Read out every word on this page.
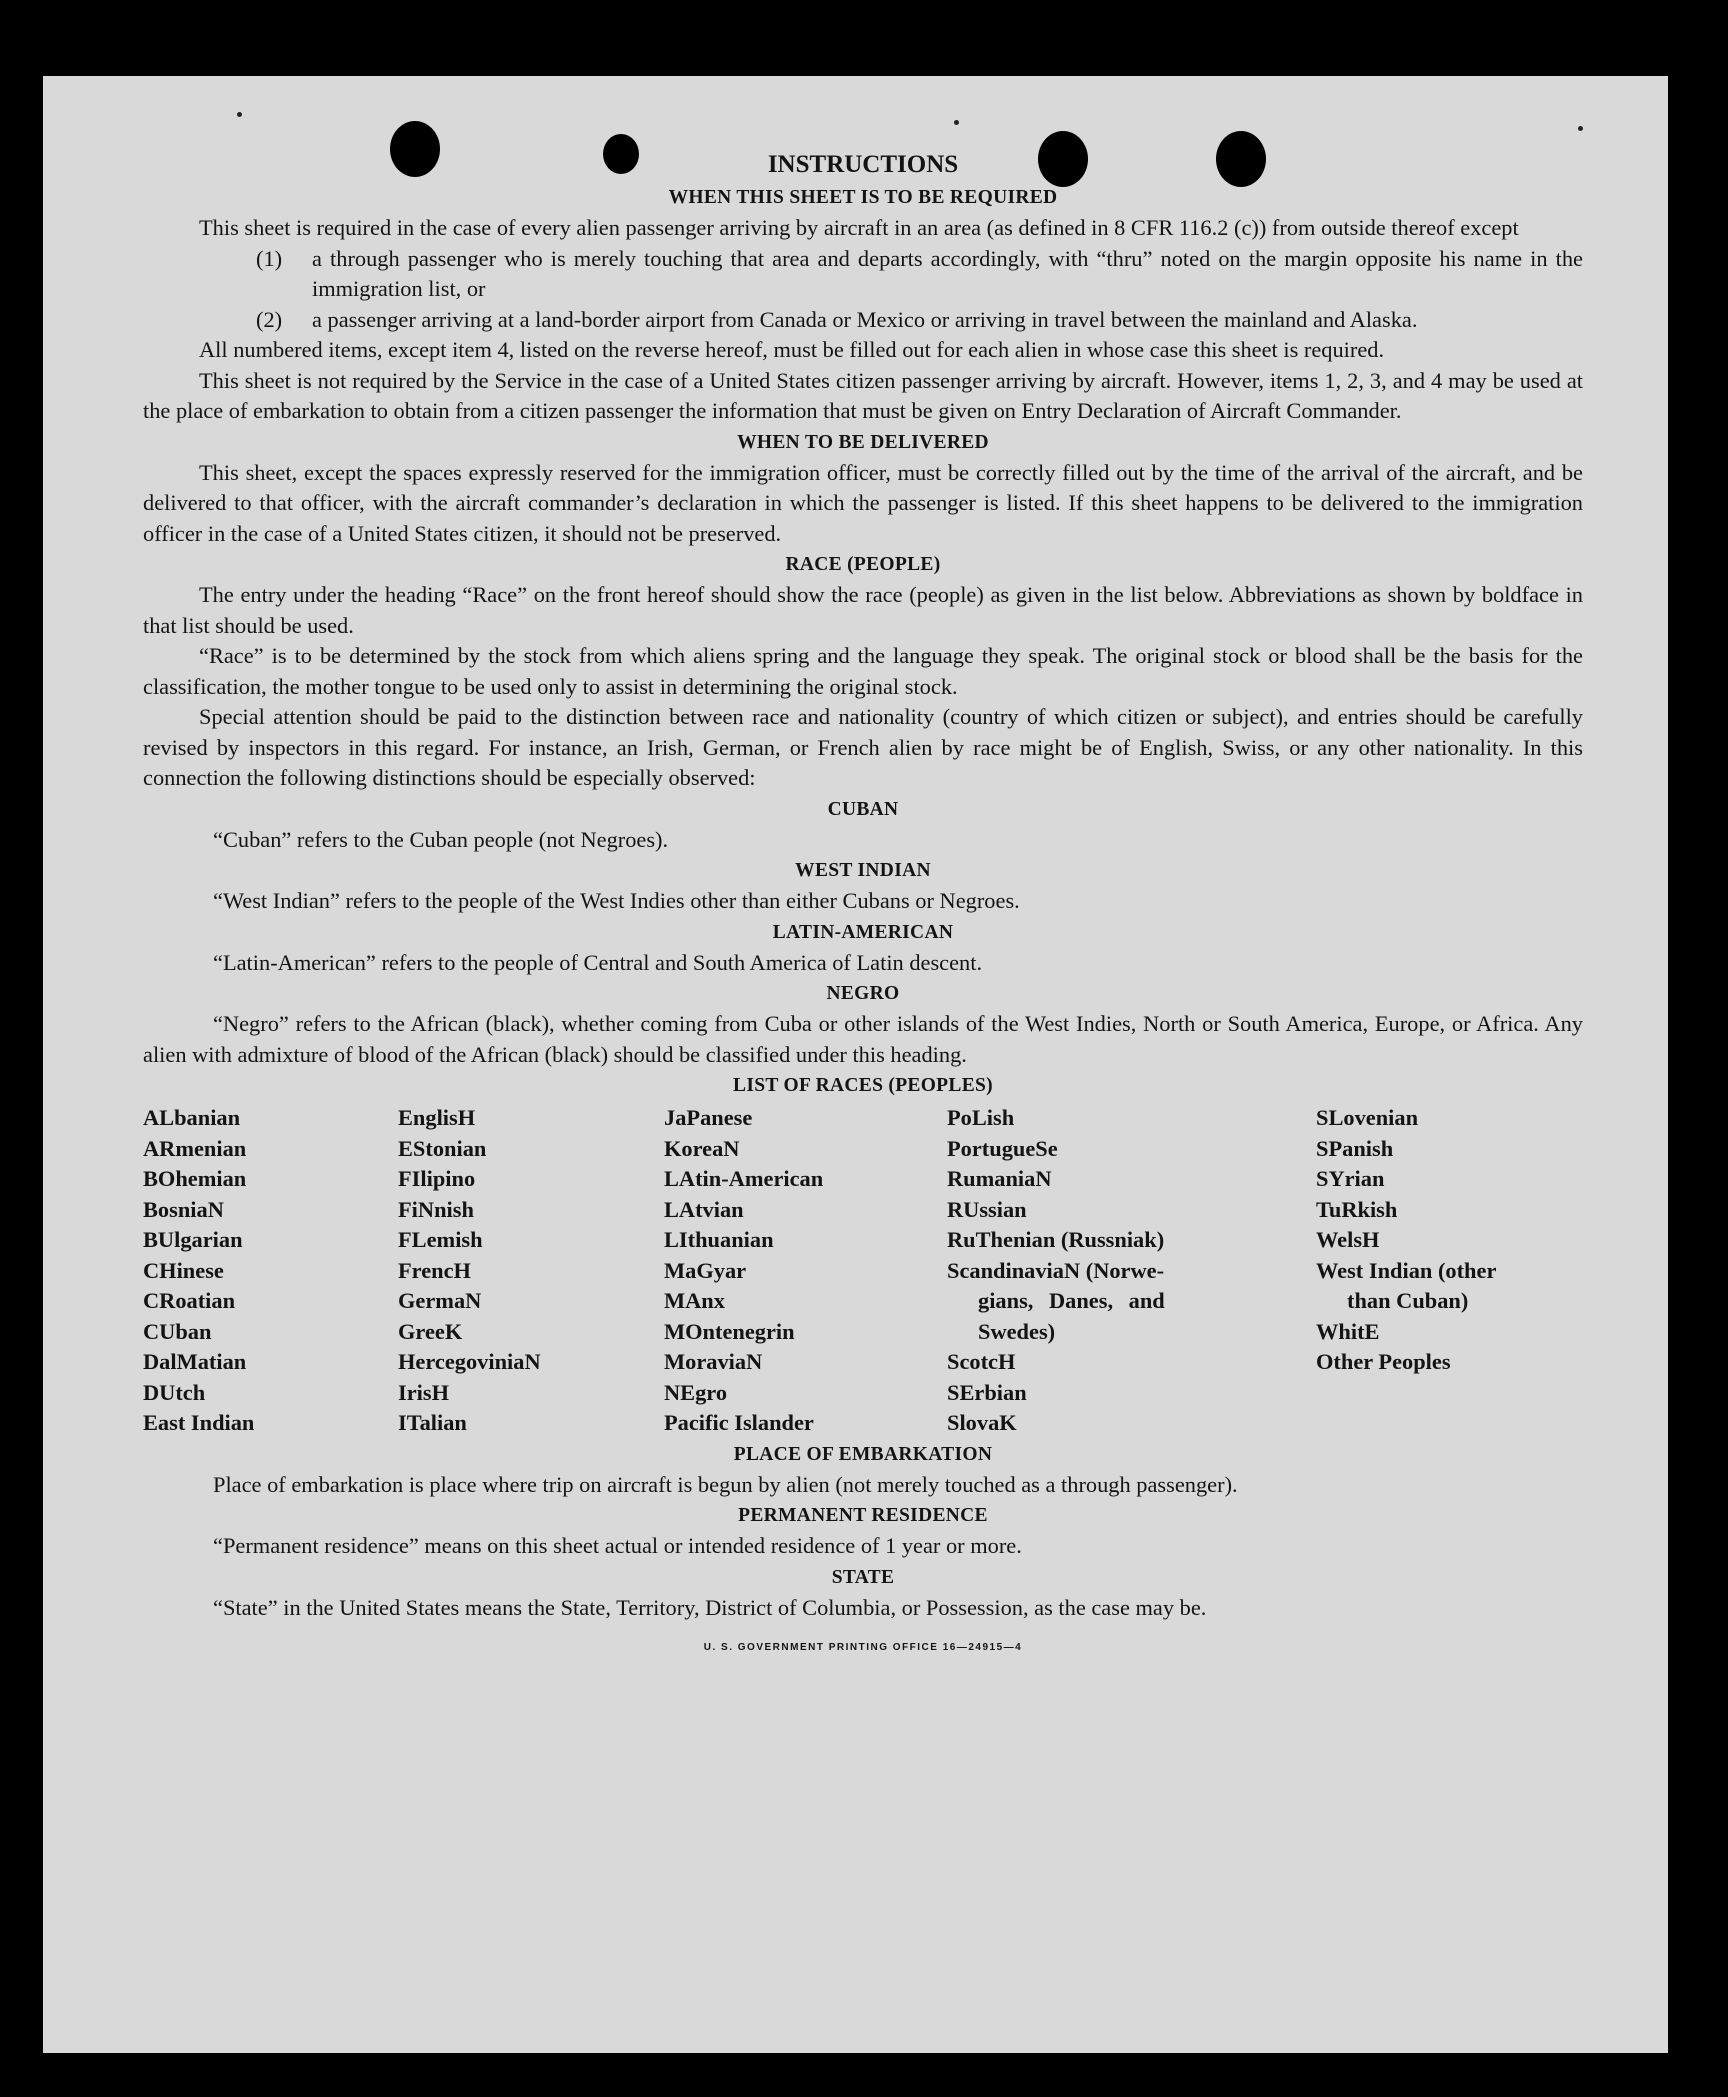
INSTRUCTIONS
WHEN THIS SHEET IS TO BE REQUIRED

This sheet is required in the case of every alien passenger arriving by aircraft in an area (as defined in 8 CFR 116.2 (c)) from outside thereof except

(1)	a through passenger who is merely touching that area and departs accordingly, with “thru” noted on the margin opposite his name in the immigration list, or
(2)	a passenger arriving at a land-border airport from Canada or Mexico or arriving in travel between the mainland and Alaska.

All numbered items, except item 4, listed on the reverse hereof, must be filled out for each alien in whose case this sheet is required.

This sheet is not required by the Service in the case of a United States citizen passenger arriving by aircraft. However, items 1, 2, 3, and 4 may be used at the place of embarkation to obtain from a citizen passenger the information that must be given on Entry Declaration of Aircraft Commander.

WHEN TO BE DELIVERED

This sheet, except the spaces expressly reserved for the immigration officer, must be correctly filled out by the time of the arrival of the aircraft, and be delivered to that officer, with the aircraft commander’s declaration in which the passenger is listed. If this sheet happens to be delivered to the immigration officer in the case of a United States citizen, it should not be preserved.

RACE (PEOPLE)

The entry under the heading “Race” on the front hereof should show the race (people) as given in the list below. Abbreviations as shown by boldface in that list should be used.

“Race” is to be determined by the stock from which aliens spring and the language they speak. The original stock or blood shall be the basis for the classification, the mother tongue to be used only to assist in determining the original stock.

Special attention should be paid to the distinction between race and nationality (country of which citizen or subject), and entries should be carefully revised by inspectors in this regard. For instance, an Irish, German, or French alien by race might be of English, Swiss, or any other nationality. In this connection the following distinctions should be especially observed:

CUBAN

“Cuban” refers to the Cuban people (not Negroes).

WEST INDIAN

“West Indian” refers to the people of the West Indies other than either Cubans or Negroes.

LATIN-AMERICAN

“Latin-American” refers to the people of Central and South America of Latin descent.

NEGRO

“Negro” refers to the African (black), whether coming from Cuba or other islands of the West Indies, North or South America, Europe, or Africa. Any alien with admixture of blood of the African (black) should be classified under this heading.

LIST OF RACES (PEOPLES)
ALbanian
ARmenian
BOhemian
BosniaN
BUlgarian
CHinese
CRoatian
CUban
DalMatian
DUtch
East Indian
EnglisH
EStonian
FIlipino
FiNnish
FLemish
FrencH
GermaN
GreeK
HercegoviniaN
IrisH
ITalian
JaPanese
KoreaN
LAtin-American
LAtvian
LIthuanian
MaGyar
MAnx
MOntenegrin
MoraviaN
NEgro
Pacific Islander
PoLish
PortugueSe
RumaniaN
RUssian
RuThenian (Russniak)
ScandinaviaN (Norwe-
gians, Danes, and
Swedes)
ScotcH
SErbian
SlovaK
SLovenian
SPanish
SYrian
TuRkish
WelsH
West Indian (other
than Cuban)
WhitE
Other Peoples
PLACE OF EMBARKATION

Place of embarkation is place where trip on aircraft is begun by alien (not merely touched as a through passenger).

PERMANENT RESIDENCE

“Permanent residence” means on this sheet actual or intended residence of 1 year or more.

STATE

“State” in the United States means the State, Territory, District of Columbia, or Possession, as the case may be.

U. S. GOVERNMENT PRINTING OFFICE 16—24915—4
